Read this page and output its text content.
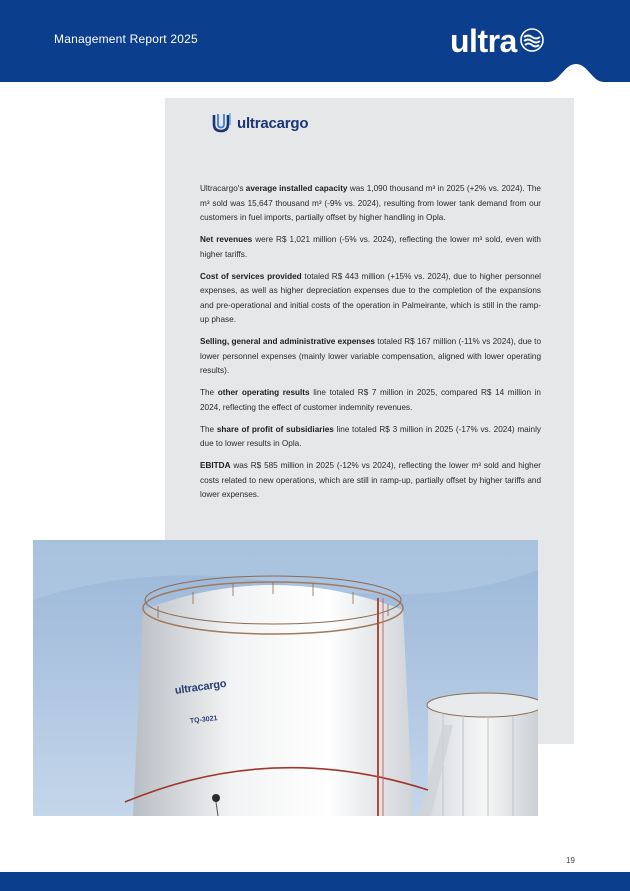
Management Report 2025	ultra
ultracargo

Ultracargo's average installed capacity was 1,090 thousand m³ in 2025 (+2% vs. 2024). The m³ sold was 15,647 thousand m³ (-9% vs. 2024), resulting from lower tank demand from our customers in fuel imports, partially offset by higher handling in Opla.

Net revenues were R$ 1,021 million (-5% vs. 2024), reflecting the lower m³ sold, even with higher tariffs.

Cost of services provided totaled R$ 443 million (+15% vs. 2024), due to higher personnel expenses, as well as higher depreciation expenses due to the completion of the expansions and pre-operational and initial costs of the operation in Palmeirante, which is still in the ramp-up phase.

Selling, general and administrative expenses totaled R$ 167 million (-11% vs 2024), due to lower personnel expenses (mainly lower variable compensation, aligned with lower operating results).

The other operating results line totaled R$ 7 million in 2025, compared R$ 14 million in 2024, reflecting the effect of customer indemnity revenues.

The share of profit of subsidiaries line totaled R$ 3 million in 2025 (-17% vs. 2024) mainly due to lower results in Opla.

EBITDA was R$ 585 million in 2025 (-12% vs 2024), reflecting the lower m³ sold and higher costs related to new operations, which are still in ramp-up, partially offset by higher tariffs and lower expenses.

ultracargo
TQ-3021
19
